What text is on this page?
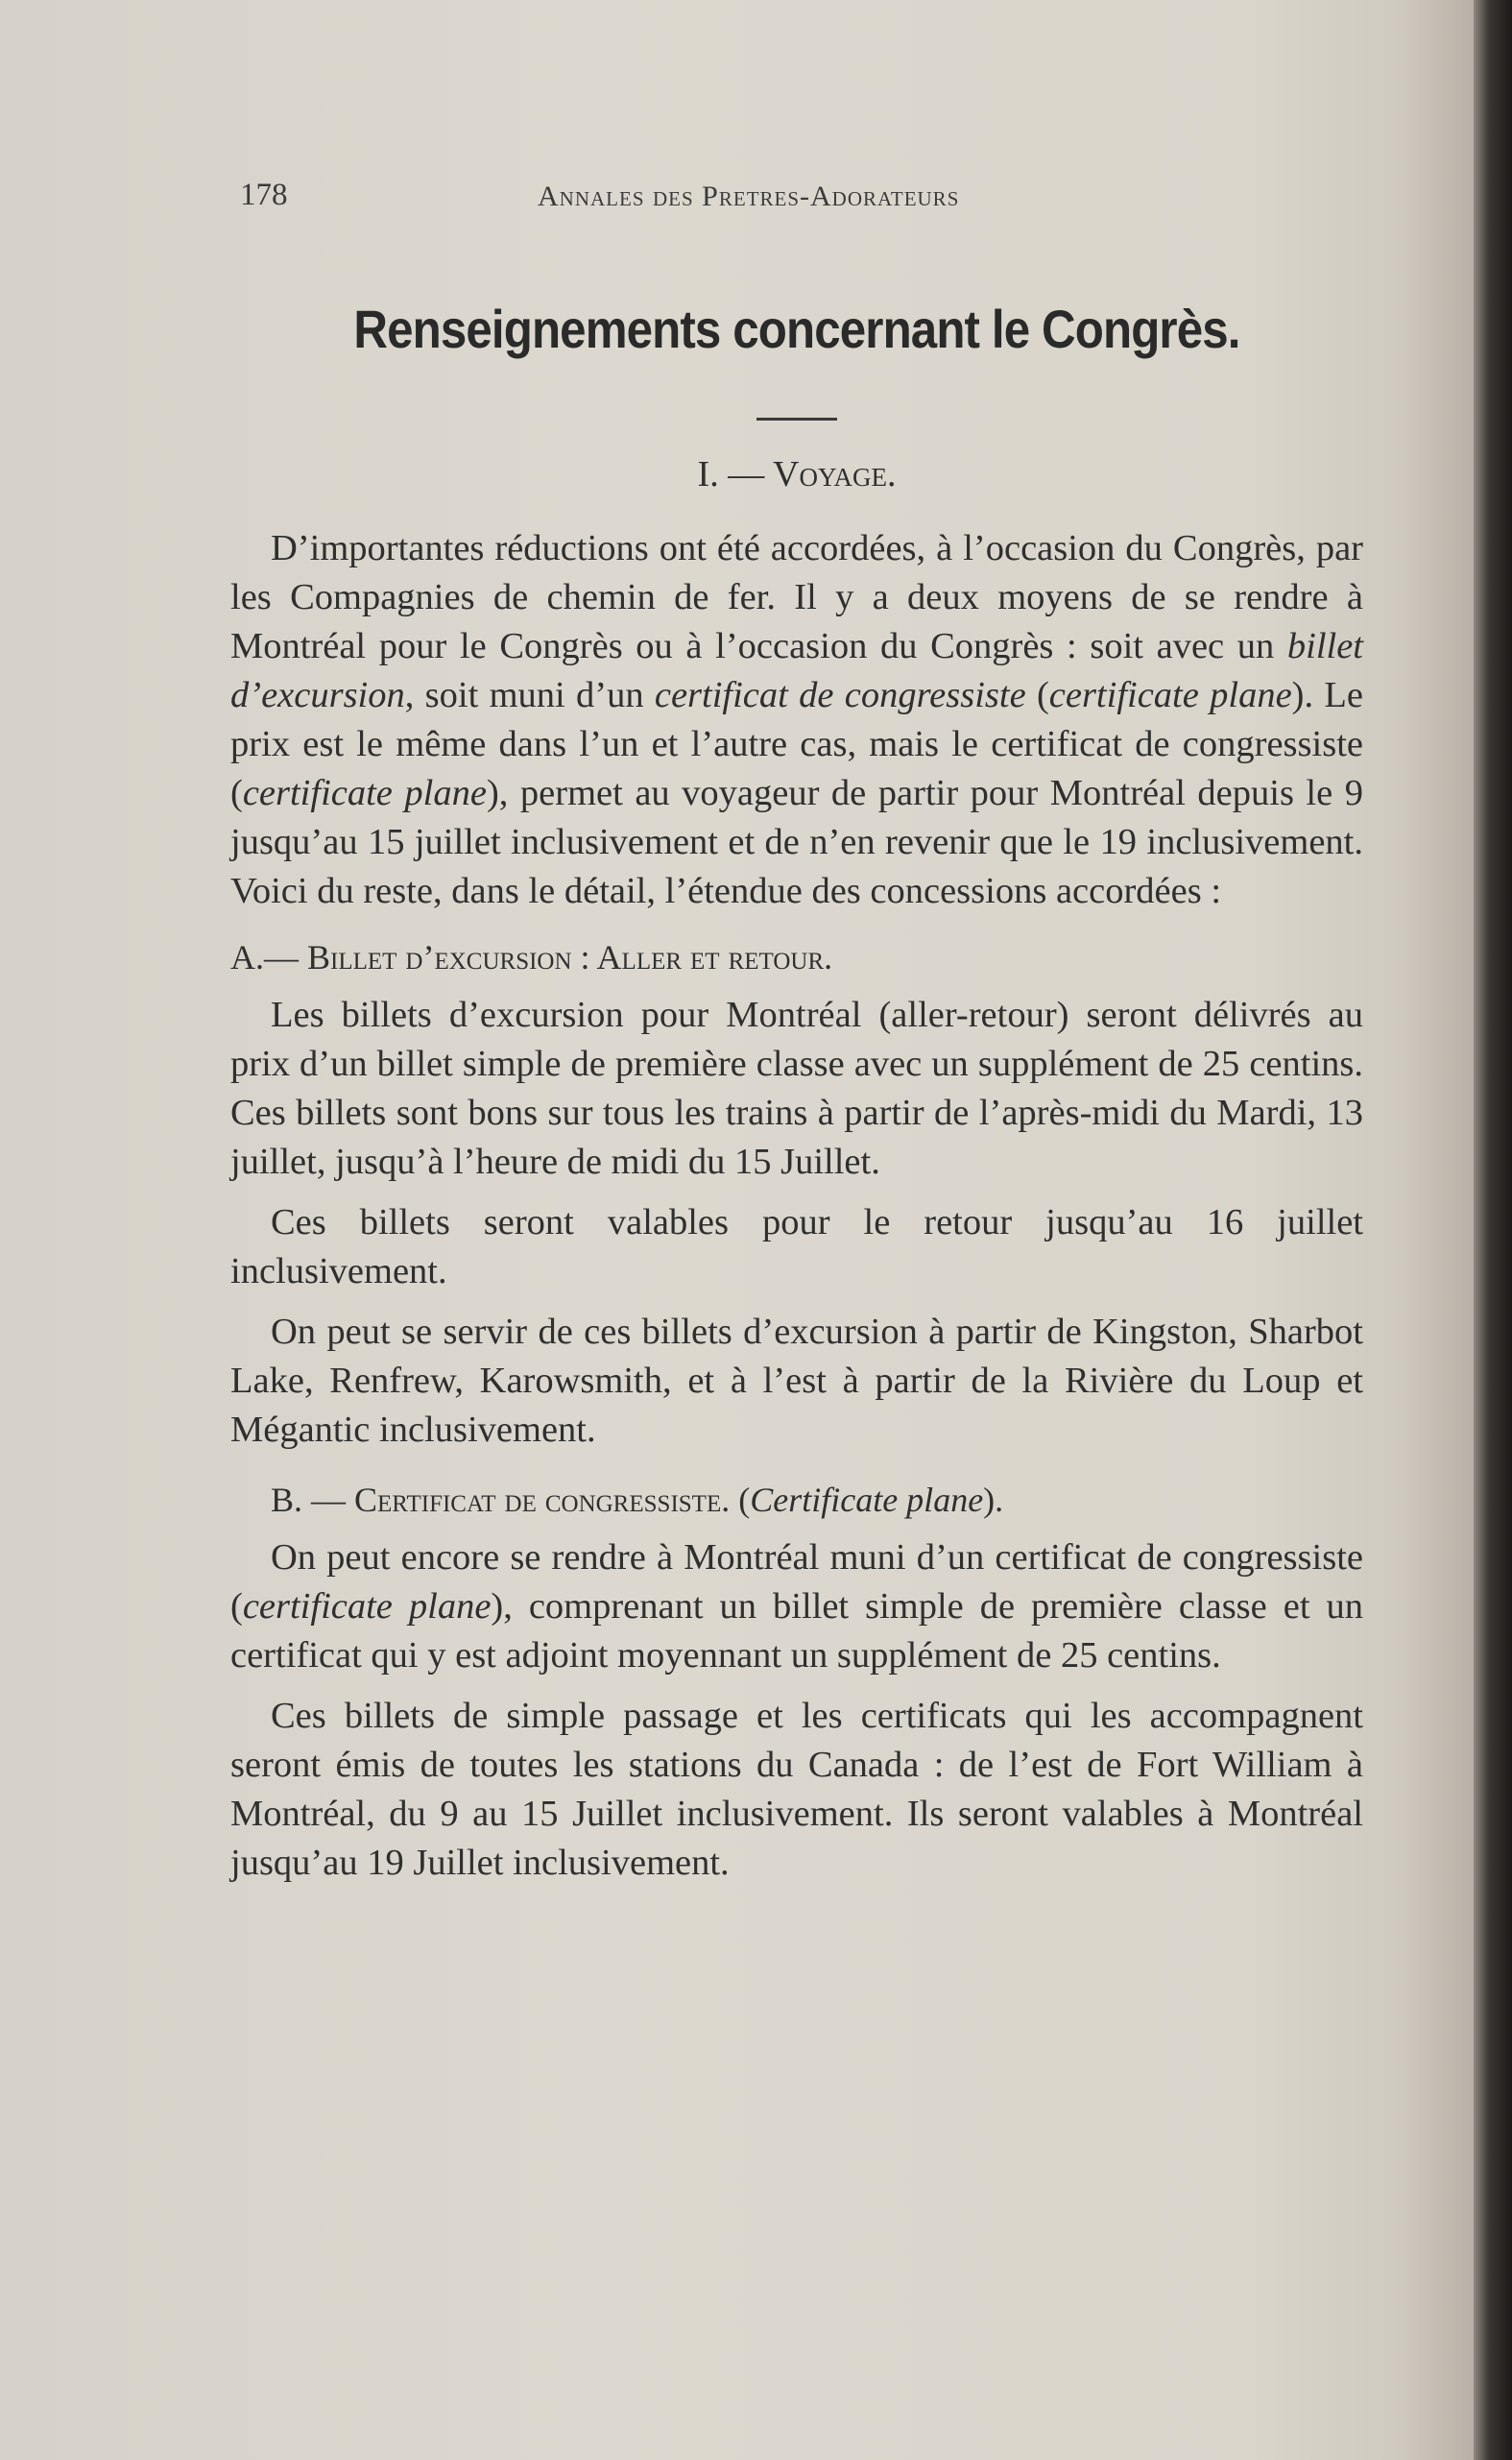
178	Annales des Pretres-Adorateurs
Renseignements concernant le Congrès.
I. — Voyage.

D’importantes réductions ont été accordées, à l’occasion du Congrès, par les Compagnies de chemin de fer. Il y a deux moyens de se rendre à Montréal pour le Congrès ou à l’occasion du Congrès : soit avec un billet d’excursion, soit muni d’un certificat de congressiste (certificate plane). Le prix est le même dans l’un et l’autre cas, mais le certificat de congressiste (certificate plane), permet au voyageur de partir pour Montréal depuis le 9 jusqu’au 15 juillet inclusivement et de n’en revenir que le 19 inclusivement. Voici du reste, dans le détail, l’étendue des concessions accordées :

A.— Billet d’excursion : Aller et retour.

Les billets d’excursion pour Montréal (aller-retour) seront délivrés au prix d’un billet simple de première classe avec un supplément de 25 centins. Ces billets sont bons sur tous les trains à partir de l’après-midi du Mardi, 13 juillet, jusqu’à l’heure de midi du 15 Juillet.

Ces billets seront valables pour le retour jusqu’au 16 juillet inclusivement.

On peut se servir de ces billets d’excursion à partir de Kingston, Sharbot Lake, Renfrew, Karowsmith, et à l’est à partir de la Rivière du Loup et Mégantic inclusivement.

B. — Certificat de congressiste. (Certificate plane).

On peut encore se rendre à Montréal muni d’un certificat de congressiste (certificate plane), comprenant un billet simple de première classe et un certificat qui y est adjoint moyennant un supplément de 25 centins.

Ces billets de simple passage et les certificats qui les accompagnent seront émis de toutes les stations du Canada : de l’est de Fort William à Montréal, du 9 au 15 Juillet inclusivement. Ils seront valables à Montréal jusqu’au 19 Juillet inclusivement.
